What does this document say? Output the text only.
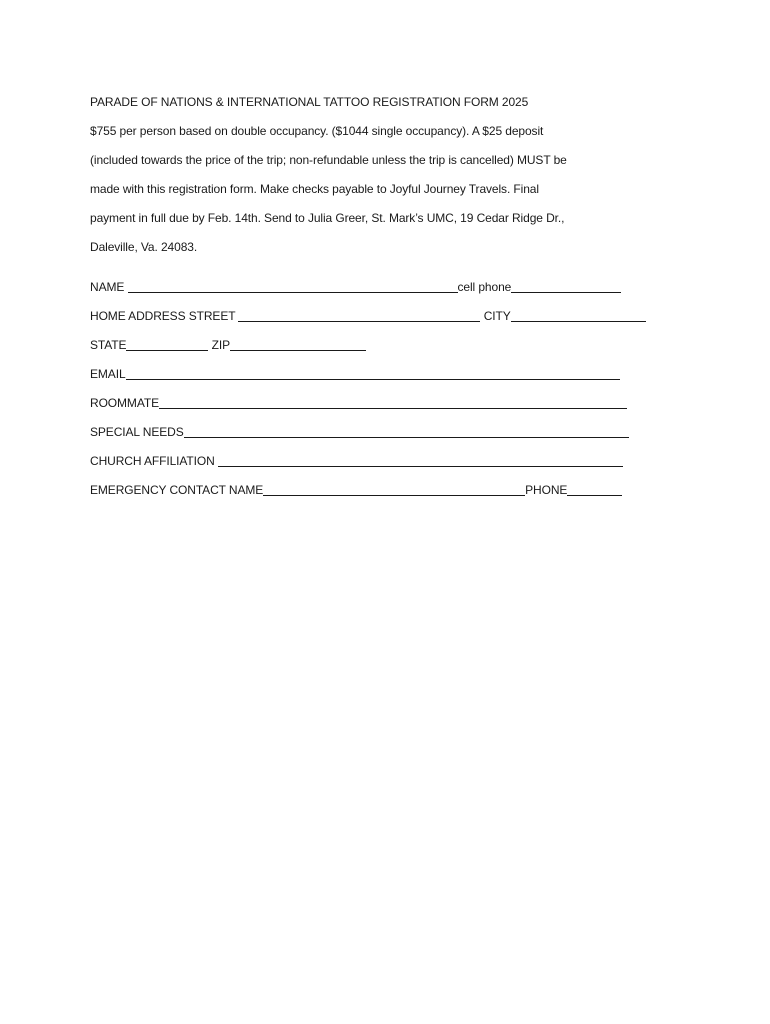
PARADE OF NATIONS & INTERNATIONAL TATTOO REGISTRATION FORM 2025
$755 per person based on double occupancy. ($1044 single occupancy). A $25 deposit
(included towards the price of the trip; non-refundable unless the trip is cancelled) MUST be
made with this registration form. Make checks payable to Joyful Journey Travels. Final
payment in full due by Feb. 14th. Send to Julia Greer, St. Mark’s UMC, 19 Cedar Ridge Dr.,
Daleville, Va. 24083.
NAME	cell phone
HOME ADDRESS STREET	CITY
STATE	ZIP
EMAIL
ROOMMATE
SPECIAL NEEDS
CHURCH AFFILIATION
EMERGENCY CONTACT NAME	PHONE
